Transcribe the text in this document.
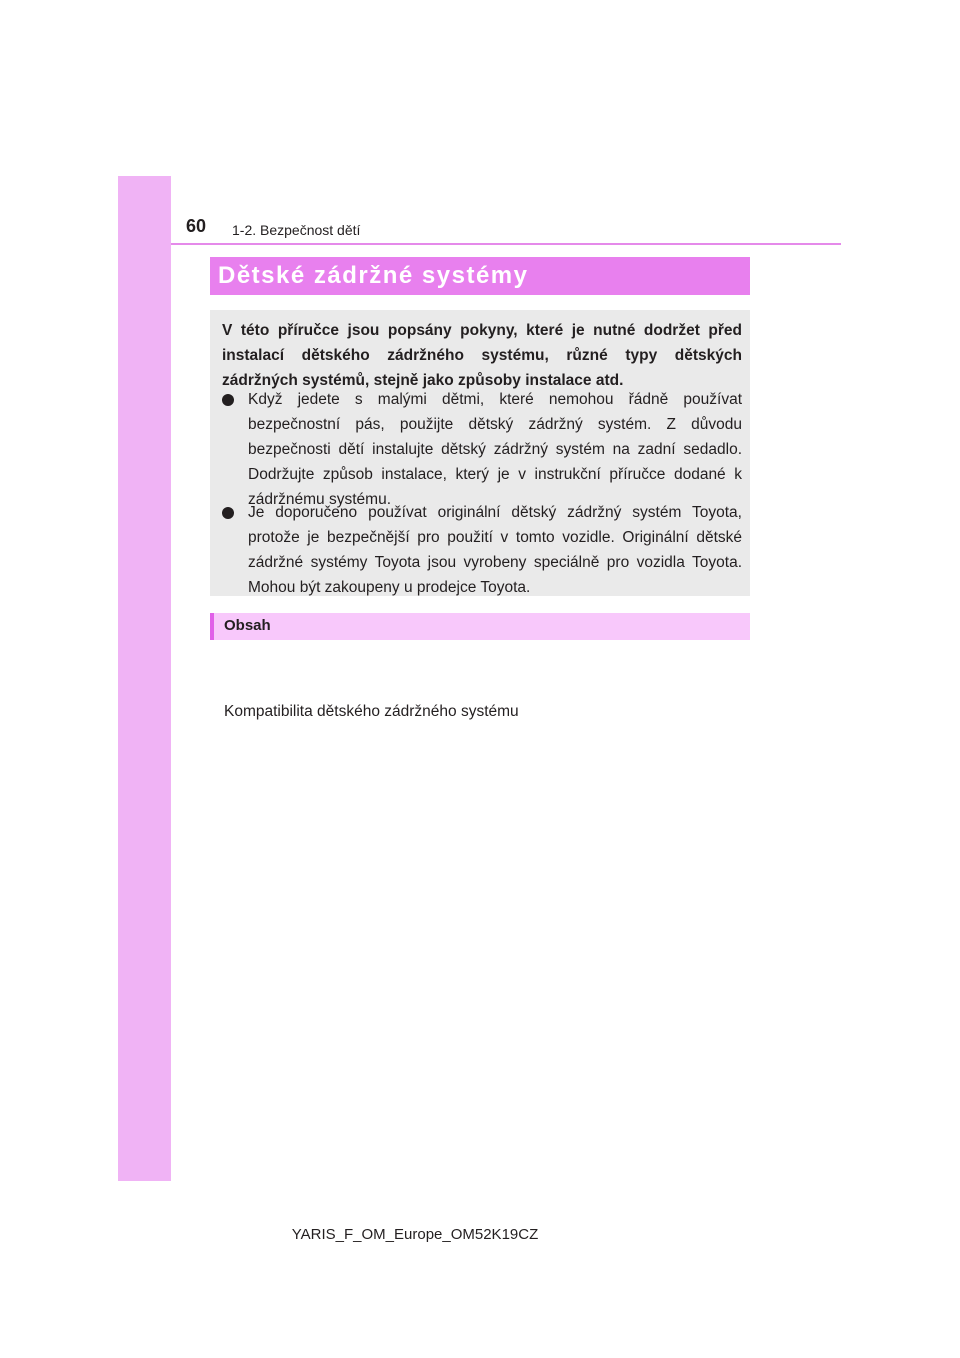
60 1-2. Bezpečnost dětí
Dětské zádržné systémy
V této příručce jsou popsány pokyny, které je nutné dodržet před instalací dětského zádržného systému, různé typy dětských zádržných systémů, stejně jako způsoby instalace atd.
Když jedete s malými dětmi, které nemohou řádně používat bezpečnostní pás, použijte dětský zádržný systém. Z důvodu bezpečnosti dětí instalujte dětský zádržný systém na zadní sedadlo. Dodržujte způsob instalace, který je v instrukční příručce dodané k zádržnému systému.
Je doporučeno používat originální dětský zádržný systém Toyota, protože je bezpečnější pro použití v tomto vozidle. Originální dětské zádržné systémy Toyota jsou vyrobeny speciálně pro vozidla Toyota. Mohou být zakoupeny u prodejce Toyota.
Obsah
Kompatibilita dětského zádržného systému
YARIS_F_OM_Europe_OM52K19CZ
